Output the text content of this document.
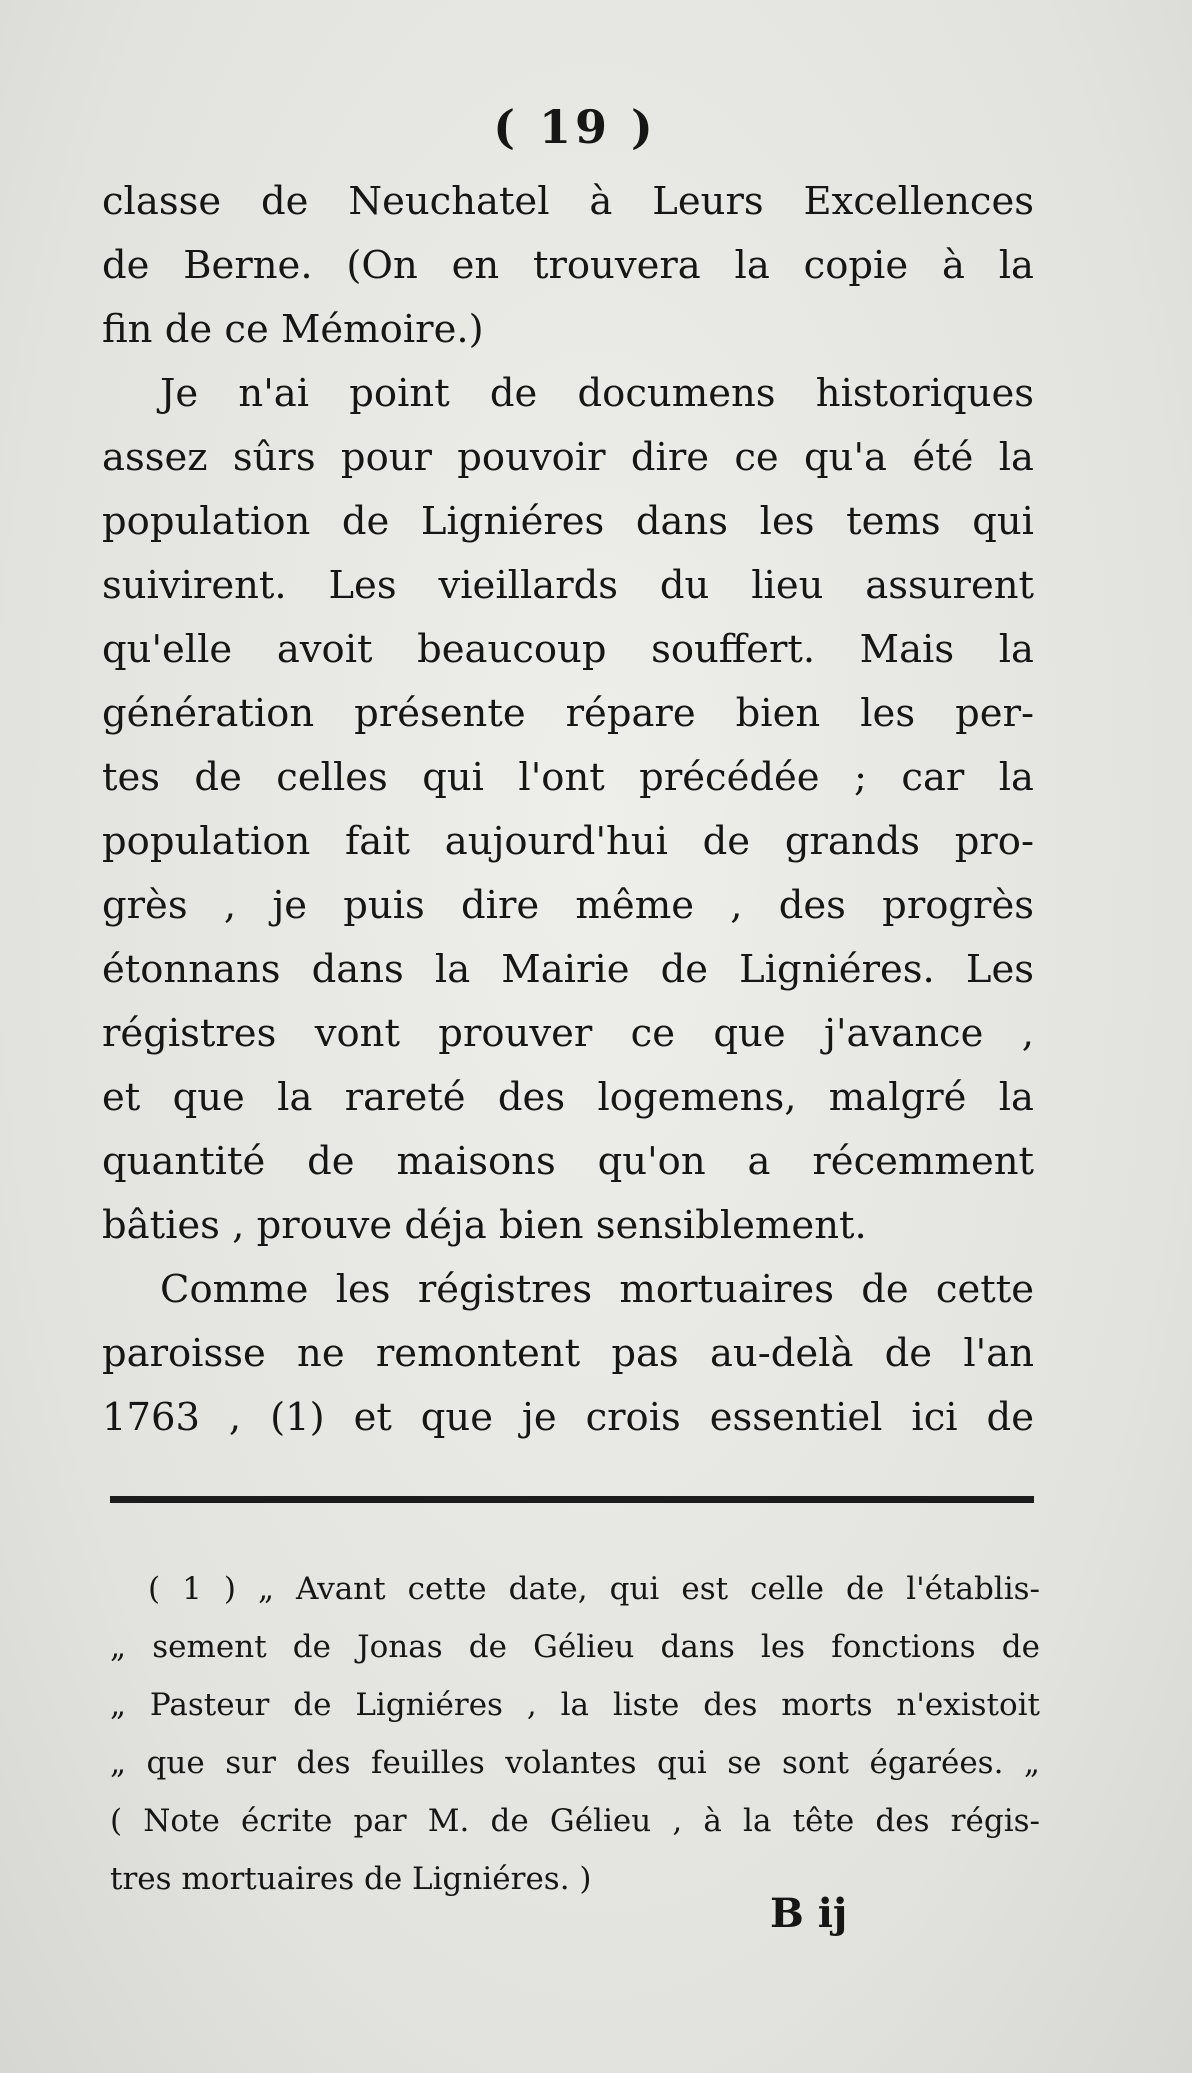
( 19 )
classe de Neuchatel à Leurs Excellences
de Berne. (On en trouvera la copie à la
fin de ce Mémoire.)
Je n'ai point de documens historiques
assez sûrs pour pouvoir dire ce qu'a été la
population de Ligniéres dans les tems qui
suivirent. Les vieillards du lieu assurent
qu'elle avoit beaucoup souffert. Mais la
génération présente répare bien les per-
tes de celles qui l'ont précédée ; car la
population fait aujourd'hui de grands pro-
grès , je puis dire même , des progrès
étonnans dans la Mairie de Ligniéres. Les
régistres vont prouver ce que j'avance ,
et que la rareté des logemens, malgré la
quantité de maisons qu'on a récemment
bâties , prouve déja bien sensiblement.
Comme les régistres mortuaires de cette
paroisse ne remontent pas au-delà de l'an
1763 , (1) et que je crois essentiel ici de
( 1 ) „ Avant cette date, qui est celle de l'établis-
„ sement de Jonas de Gélieu dans les fonctions de
„ Pasteur de Ligniéres , la liste des morts n'existoit
„ que sur des feuilles volantes qui se sont égarées. „
( Note écrite par M. de Gélieu , à la tête des régis-
tres mortuaires de Ligniéres. )
B ij
